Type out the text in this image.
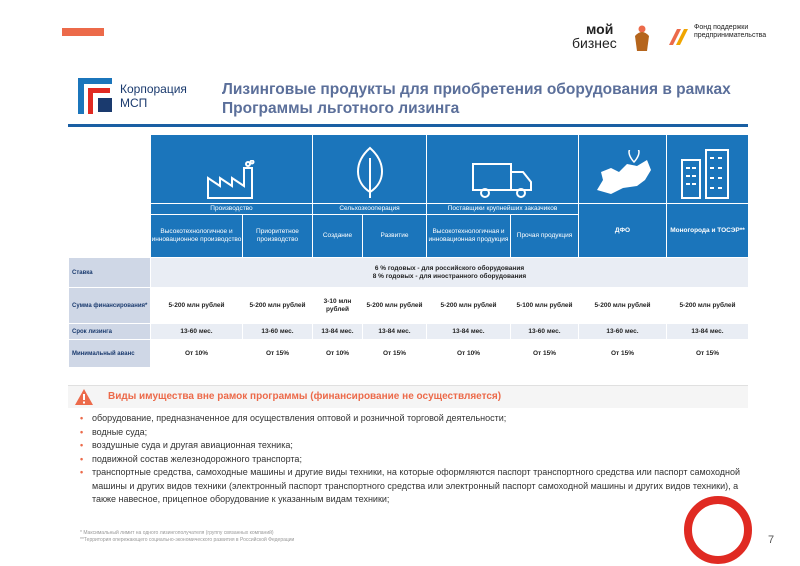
мой
бизнес
Фонд поддержки
предпринимательства
Корпорация
МСП
Лизинговые продукты для приобретения оборудования в рамках Программы льготного лизинга

	Производство		Сельхозкооперация		Поставщики крупнейших заказчиков		ДФО	Моногорода и ТОСЭР**
	Высокотехнологичное и инновационное производство	Приоритетное производство	Создание	Развитие	Высокотехнологичная и инновационная продукция	Прочая продукция		
Ставка	6 % годовых - для российского оборудования
8 % годовых - для иностранного оборудования							
Сумма финансирования*	5-200 млн рублей	5-200 млн рублей	3-10 млн рублей	5-200 млн рублей	5-200 млн рублей	5-100 млн рублей	5-200 млн рублей	5-200 млн рублей
Срок лизинга	13-60 мес.	13-60 мес.	13-84 мес.	13-84 мес.	13-84 мес.	13-60 мес.	13-60 мес.	13-84 мес.
Минимальный аванс	От 10%	От 15%	От 10%	От 15%	От 10%	От 15%	От 15%	От 15%
Виды имущества вне рамок программы (финансирование не осуществляется)
• оборудование, предназначенное для осуществления оптовой и розничной торговой деятельности;
• водные суда;
• воздушные суда и другая авиационная техника;
• подвижной состав железнодорожного транспорта;
• транспортные средства, самоходные машины и другие виды техники, на которые оформляются паспорт транспортного средства или паспорт самоходной машины и других видов техники (электронный паспорт транспортного средства или электронный паспорт самоходной машины и других видов техники), а также навесное, прицепное оборудование к указанным видам техники;
* Максимальный лимит на одного лизингополучателя (группу связанных компаний)
**Территория опережающего социально-экономического развития в Российской Федерации	7
